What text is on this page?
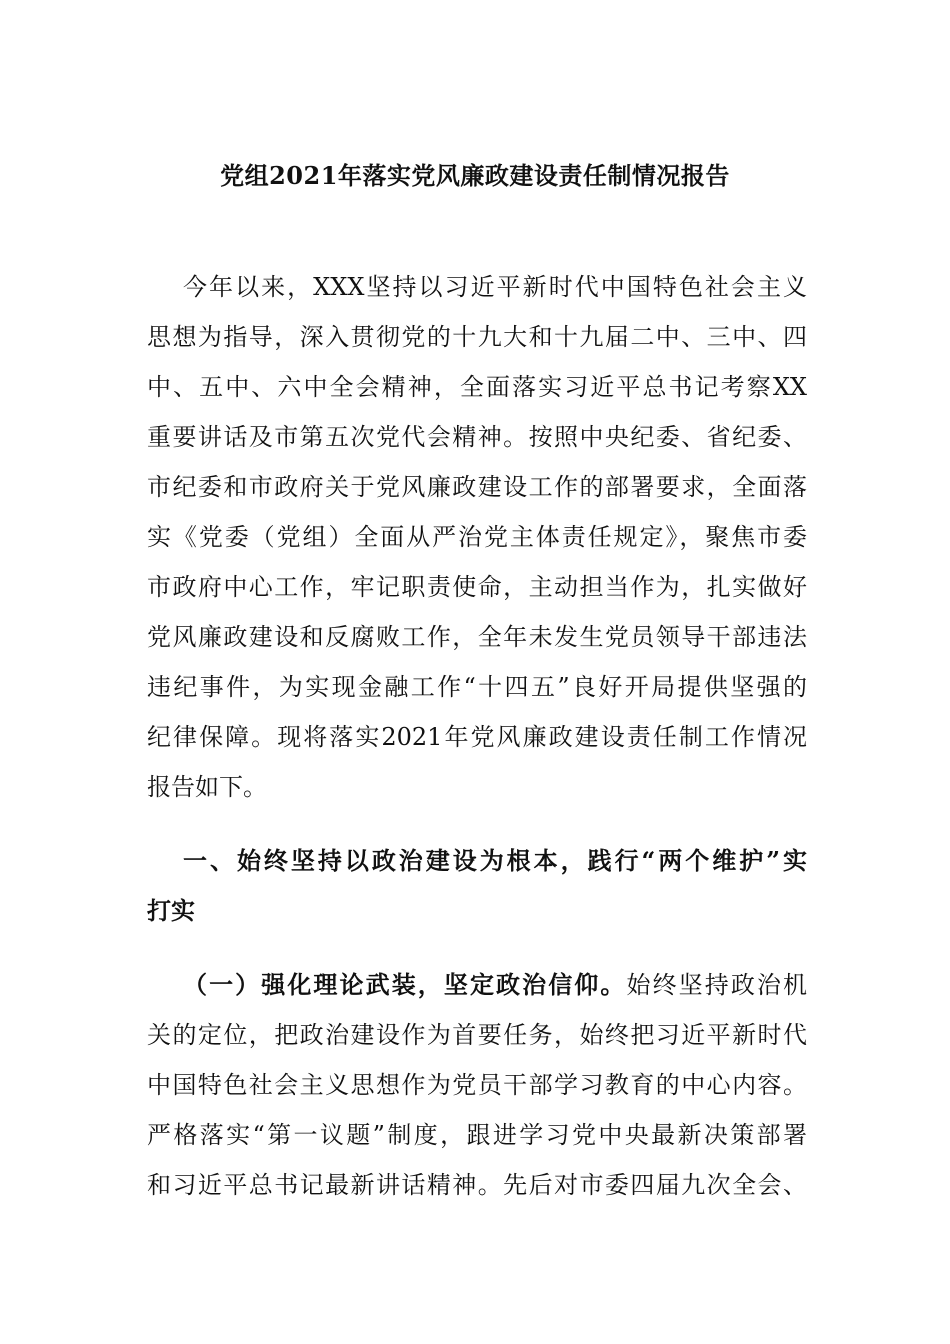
党组2021年落实党风廉政建设责任制情况报告
今年以来，XXX坚持以习近平新时代中国特色社会主义
思想为指导，深入贯彻党的十九大和十九届二中、三中、四
中、五中、六中全会精神，全面落实习近平总书记考察XX
重要讲话及市第五次党代会精神。按照中央纪委、省纪委、
市纪委和市政府关于党风廉政建设工作的部署要求，全面落
实《党委（党组）全面从严治党主体责任规定》，聚焦市委
市政府中心工作，牢记职责使命，主动担当作为，扎实做好
党风廉政建设和反腐败工作，全年未发生党员领导干部违法
违纪事件，为实现金融工作“十四五”良好开局提供坚强的
纪律保障。现将落实2021年党风廉政建设责任制工作情况
报告如下。
一、始终坚持以政治建设为根本，践行“两个维护”实
打实
（一）强化理论武装，坚定政治信仰。始终坚持政治机
关的定位，把政治建设作为首要任务，始终把习近平新时代
中国特色社会主义思想作为党员干部学习教育的中心内容。
严格落实“第一议题”制度，跟进学习党中央最新决策部署
和习近平总书记最新讲话精神。先后对市委四届九次全会、
